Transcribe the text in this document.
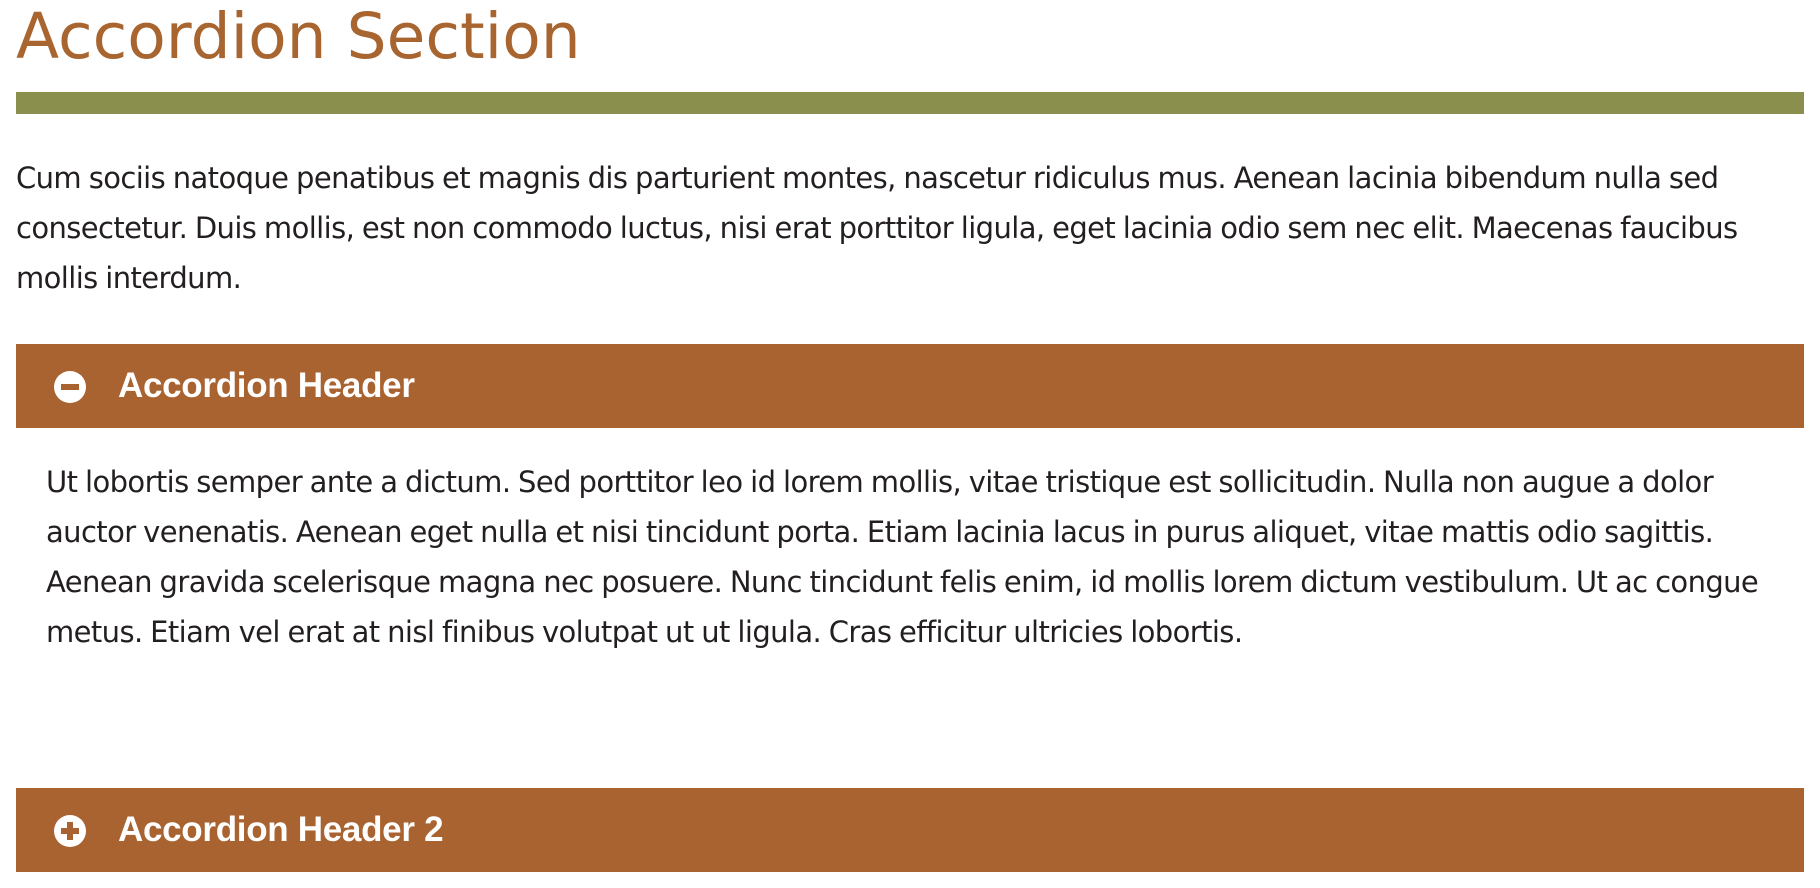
Accordion Section

Cum sociis natoque penatibus et magnis dis parturient montes, nascetur ridiculus mus. Aenean lacinia bibendum nulla sed consectetur. Duis mollis, est non commodo luctus, nisi erat porttitor ligula, eget lacinia odio sem nec elit. Maecenas faucibus mollis interdum.

Accordion Header

Ut lobortis semper ante a dictum. Sed porttitor leo id lorem mollis, vitae tristique est sollicitudin. Nulla non augue a dolor auctor venenatis. Aenean eget nulla et nisi tincidunt porta. Etiam lacinia lacus in purus aliquet, vitae mattis odio sagittis. Aenean gravida scelerisque magna nec posuere. Nunc tincidunt felis enim, id mollis lorem dictum vestibulum. Ut ac congue metus. Etiam vel erat at nisl finibus volutpat ut ut ligula. Cras efficitur ultricies lobortis.

Accordion Header 2
